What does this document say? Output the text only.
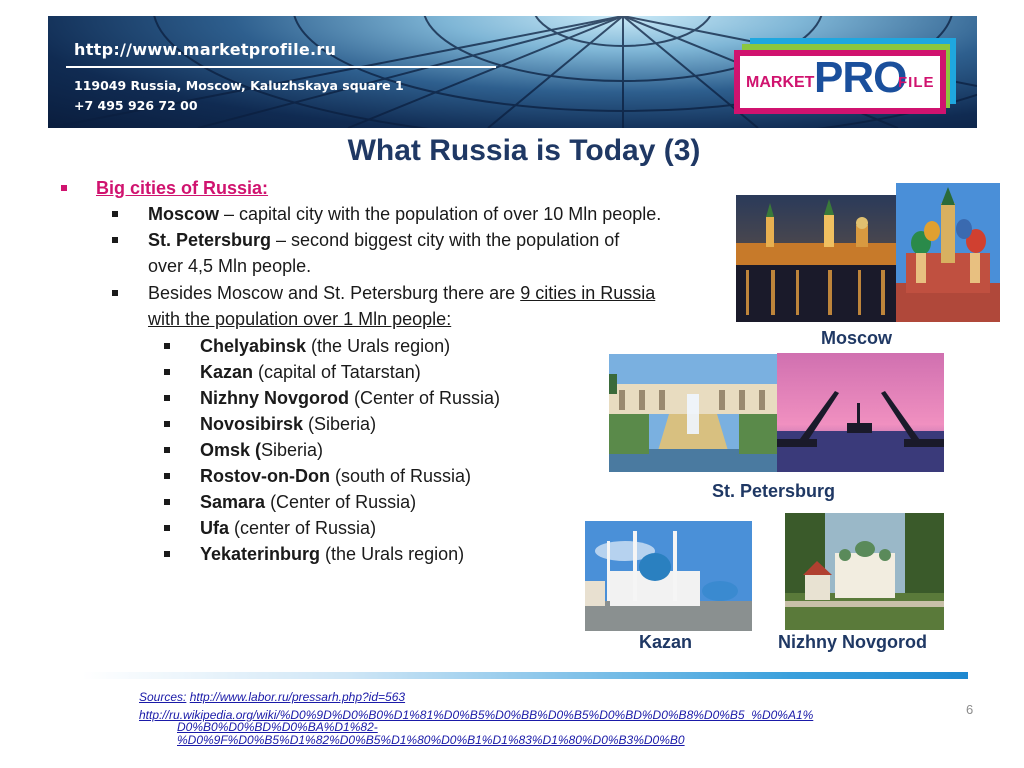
http://www.marketprofile.ru
119049 Russia, Moscow, Kaluzhskaya square 1
+7 495 926 72 00
MARKET PRO
FILE
What Russia is Today (3)
Big cities of Russia:
Moscow – capital city with the population of over 10 Mln people.
St. Petersburg – second biggest city with the population of
over 4,5 Mln people.
Besides Moscow and St. Petersburg there are 9 cities in Russia
with the population over 1 Mln people:
Chelyabinsk (the Urals region)
Kazan (capital of Tatarstan)
Nizhny Novgorod (Center of Russia)
Novosibirsk (Siberia)
Omsk (Siberia)
Rostov-on-Don (south of Russia)
Samara (Center of Russia)
Ufa (center of Russia)
Yekaterinburg (the Urals region)
Moscow
St. Petersburg
Kazan	Nizhny Novgorod
Sources: http://www.labor.ru/pressarh.php?id=563
http://ru.wikipedia.org/wiki/%D0%9D%D0%B0%D1%81%D0%B5%D0%BB%D0%B5%D0%BD%D0%B8%D0%B5_%D0%A1%
D0%B0%D0%BD%D0%BA%D1%82-
%D0%9F%D0%B5%D1%82%D0%B5%D1%80%D0%B1%D1%83%D1%80%D0%B3%D0%B0
6
